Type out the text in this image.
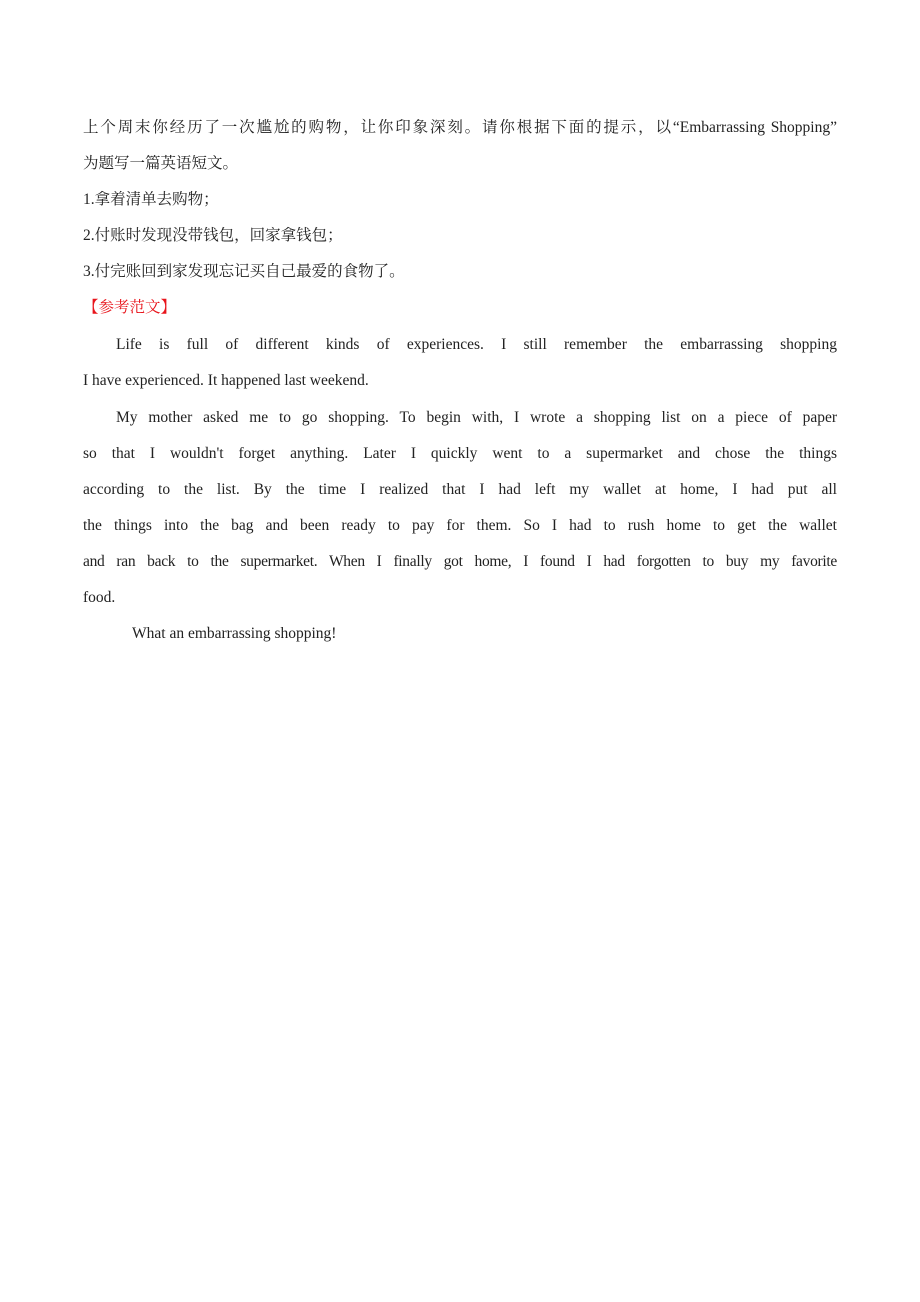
上个周末你经历了一次尴尬的购物，让你印象深刻。请你根据下面的提示，以“Embarrassing Shopping”
为题写一篇英语短文。
1.拿着清单去购物；
2.付账时发现没带钱包，回家拿钱包；
3.付完账回到家发现忘记买自己最爱的食物了。
【参考范文】
Life is full of different kinds of experiences. I still remember the embarrassing shopping
I have experienced. It happened last weekend.
My mother asked me to go shopping. To begin with, I wrote a shopping list on a piece of paper
so that I wouldn't forget anything. Later I quickly went to a supermarket and chose the things
according to the list. By the time I realized that I had left my wallet at home, I had put all
the things into the bag and been ready to pay for them. So I had to rush home to get the wallet
and ran back to the supermarket. When I finally got home, I found I had forgotten to buy my favorite
food.
What an embarrassing shopping!
